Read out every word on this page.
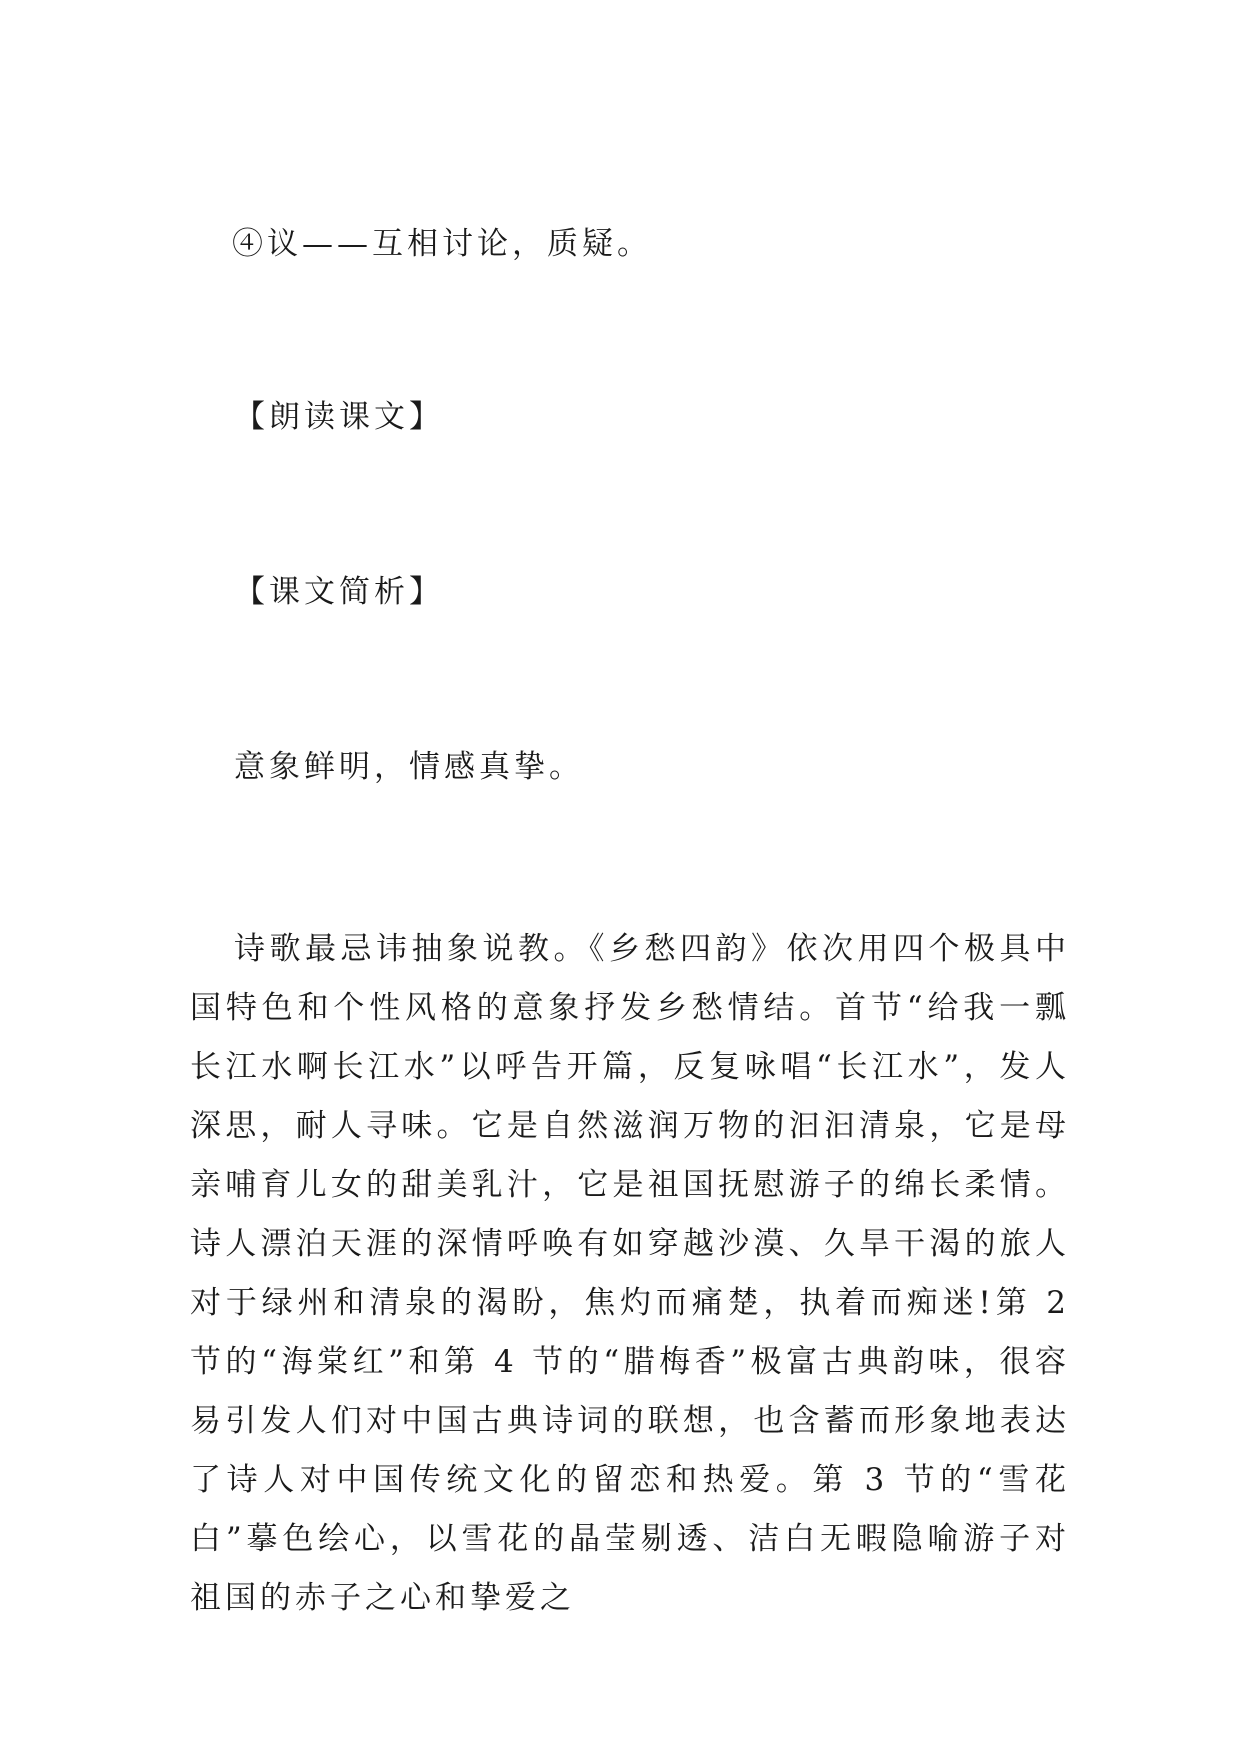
④议——互相讨论，质疑。
【朗读课文】
【课文简析】
意象鲜明，情感真挚。

诗歌最忌讳抽象说教。《乡愁四韵》依次用四个极具中国特色和个性风格的意象抒发乡愁情结。首节“给我一瓢长江水啊长江水”以呼告开篇，反复咏唱“长江水”，发人深思，耐人寻味。它是自然滋润万物的汩汩清泉，它是母亲哺育儿女的甜美乳汁，它是祖国抚慰游子的绵长柔情。诗人漂泊天涯的深情呼唤有如穿越沙漠、久旱干渴的旅人对于绿州和清泉的渴盼，焦灼而痛楚，执着而痴迷!第 2 节的“海棠红”和第 4 节的“腊梅香”极富古典韵味，很容易引发人们对中国古典诗词的联想，也含蓄而形象地表达了诗人对中国传统文化的留恋和热爱。第 3 节的“雪花白”摹色绘心，以雪花的晶莹剔透、洁白无暇隐喻游子对祖国的赤子之心和挚爱之
